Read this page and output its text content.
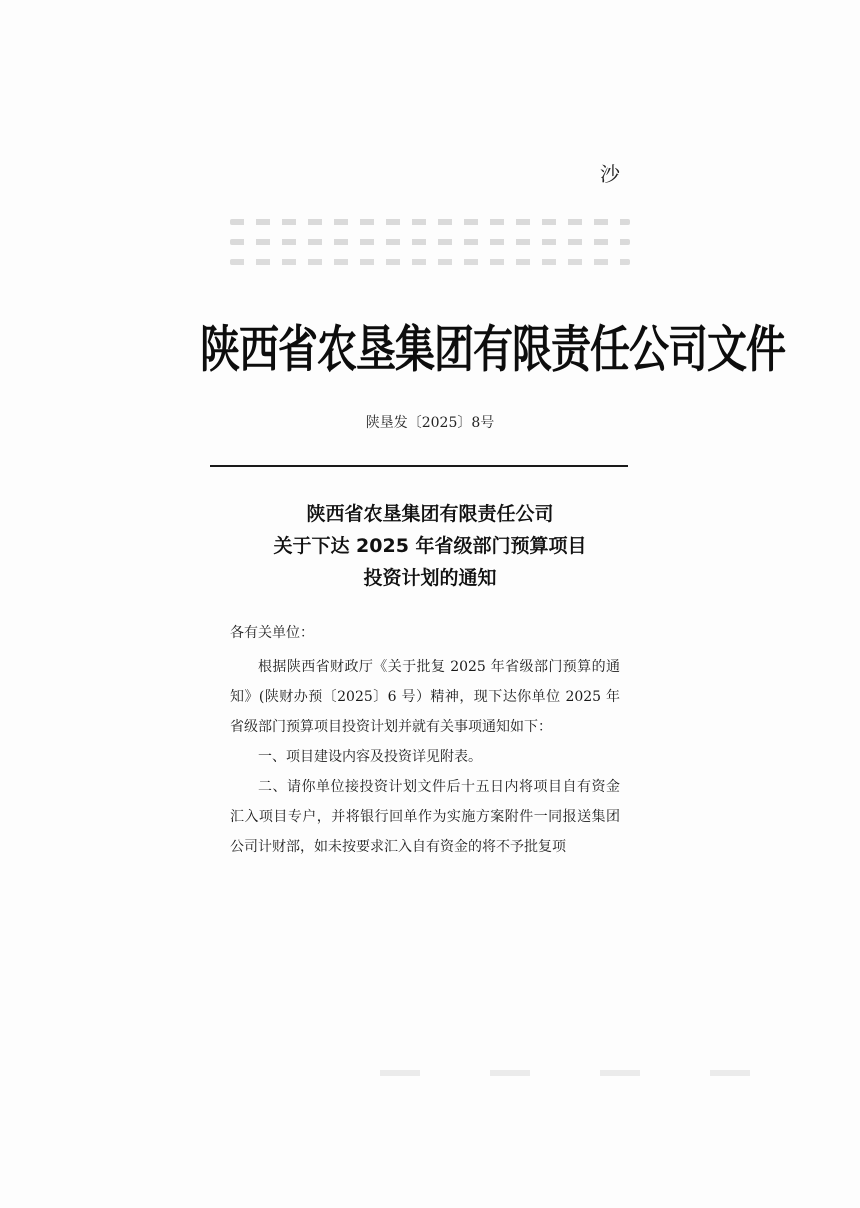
沙
陕西省农垦集团有限责任公司文件
陕垦发〔2025〕8号
陕西省农垦集团有限责任公司
关于下达 2025 年省级部门预算项目
投资计划的通知

各有关单位：

根据陕西省财政厅《关于批复 2025 年省级部门预算的通知》(陕财办预〔2025〕6 号）精神，现下达你单位 2025 年省级部门预算项目投资计划并就有关事项通知如下：

一、项目建设内容及投资详见附表。

二、请你单位接投资计划文件后十五日内将项目自有资金汇入项目专户，并将银行回单作为实施方案附件一同报送集团公司计财部，如未按要求汇入自有资金的将不予批复项
